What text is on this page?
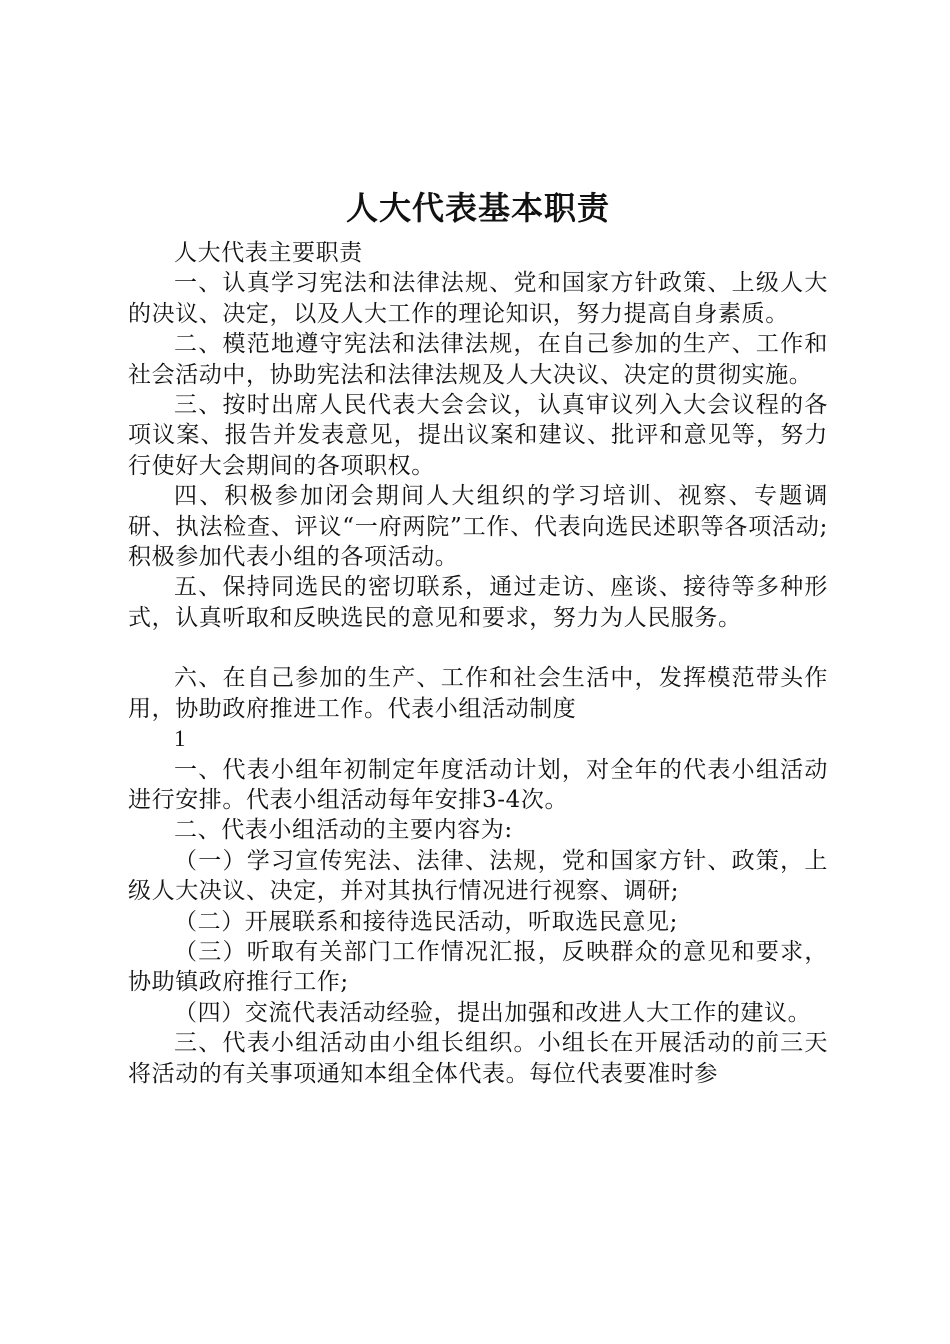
人大代表基本职责

人大代表主要职责

一、认真学习宪法和法律法规、党和国家方针政策、上级人大的决议、决定，以及人大工作的理论知识，努力提高自身素质。

二、模范地遵守宪法和法律法规，在自己参加的生产、工作和社会活动中，协助宪法和法律法规及人大决议、决定的贯彻实施。

三、按时出席人民代表大会会议，认真审议列入大会议程的各项议案、报告并发表意见，提出议案和建议、批评和意见等，努力行使好大会期间的各项职权。

四、积极参加闭会期间人大组织的学习培训、视察、专题调研、执法检查、评议“一府两院”工作、代表向选民述职等各项活动;积极参加代表小组的各项活动。

五、保持同选民的密切联系，通过走访、座谈、接待等多种形式，认真听取和反映选民的意见和要求，努力为人民服务。

六、在自己参加的生产、工作和社会生活中，发挥模范带头作用，协助政府推进工作。代表小组活动制度

1

一、代表小组年初制定年度活动计划，对全年的代表小组活动进行安排。代表小组活动每年安排3-4次。

二、代表小组活动的主要内容为:

（一）学习宣传宪法、法律、法规，党和国家方针、政策，上级人大决议、决定，并对其执行情况进行视察、调研;

（二）开展联系和接待选民活动，听取选民意见;

（三）听取有关部门工作情况汇报，反映群众的意见和要求，协助镇政府推行工作;

（四）交流代表活动经验，提出加强和改进人大工作的建议。

三、代表小组活动由小组长组织。小组长在开展活动的前三天将活动的有关事项通知本组全体代表。每位代表要准时参
